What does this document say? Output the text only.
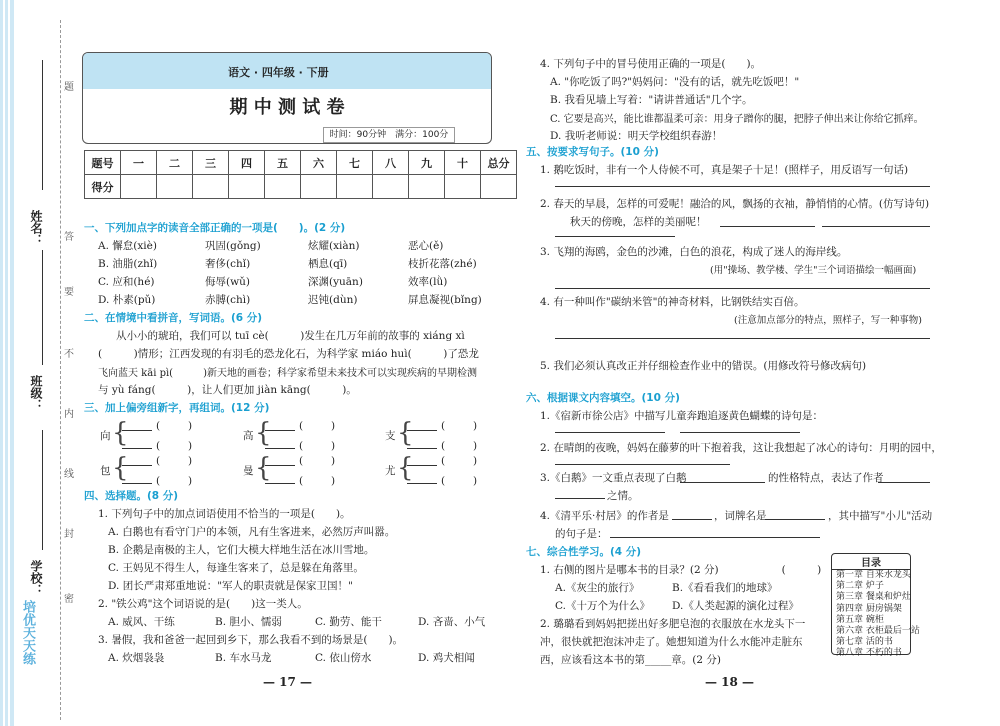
培优天天练
姓名：
班级：
学校：
题
答
要
不
内
线
封
密
语文 · 四年级 · 下册
期 中 测 试 卷
时间：90分钟　满分：100分
题号	一	二	三	四	五	六	七	八	九	十	总分
得分											
一、下列加点字的读音全部正确的一项是(　　)。(2 分)
A. 懈怠(xiè)	巩固(gǒng)	炫耀(xiàn)	恶心(ě)
B. 油脂(zhǐ)	奢侈(chǐ)	栖息(qī)	枝折花落(zhé)
C. 应和(hé)	侮辱(wǔ)	深渊(yuān)	效率(lǜ)
D. 朴素(pǔ)	赤膊(chì)	迟钝(dùn)	屏息凝视(bǐng)
二、在情境中看拼音，写词语。(6 分)
从小小的琥珀，我们可以 tuī cè(　　　)发生在几万年前的故事的 xiáng xì
(　　　)情形；江西发现的有羽毛的恐龙化石，为科学家 miáo huì(　　　)了恐龙
飞向蓝天 kāi pì(　　　)新天地的画卷；科学家希望未来技术可以实现疾病的早期检测
与 yù fáng(　　　)，让人们更加 jiàn kāng(　　　)。
三、加上偏旁组新字，再组词。(12 分)
向 {	(	)
(	)
高 {	(	)
(	)
支 {	(	)
(	)
包 {	(	)
(	)
曼 {	(	)
(	)
尤 {	(	)
(	)
四、选择题。(8 分)
1. 下列句子中的加点词语使用不恰当的一项是(　　)。
A. 白鹅也有看守门户的本领，凡有生客进来，必然厉声叫嚣。
B. 企鹅是南极的主人，它们大模大样地生活在冰川雪地。
C. 王妈见不得生人，每逢生客来了，总是躲在角落里。
D. 团长严肃郑重地说："军人的职责就是保家卫国！"
2. "铁公鸡"这个词语说的是(　　)这一类人。
A. 威风、干练	B. 胆小、懦弱	C. 勤劳、能干	D. 吝啬、小气
3. 暑假，我和爸爸一起回到乡下，那么我看不到的场景是(　　)。
A. 炊烟袅袅	B. 车水马龙	C. 依山傍水	D. 鸡犬相闻
— 17 —
4. 下列句子中的冒号使用正确的一项是(　　)。
A. "你吃饭了吗?"妈妈问："没有的话，就先吃饭吧！"
B. 我看见墙上写着："请讲普通话"几个字。
C. 它要是高兴，能比谁都温柔可亲：用身子蹭你的腿，把脖子伸出来让你给它抓痒。
D. 我听老师说：明天学校组织春游！
五、按要求写句子。(10 分)
1. 鹅吃饭时，非有一个人侍候不可，真是架子十足！(照样子，用反语写一句话)
2. 春天的早晨，怎样的可爱呢！融洽的风，飘扬的衣袖，静悄悄的心情。(仿写诗句)
秋天的傍晚，怎样的美丽呢！
3. 飞翔的海鸥，金色的沙滩，白色的浪花，构成了迷人的海岸线。
(用"操场、教学楼、学生"三个词语描绘一幅画面)
4. 有一种叫作"碳纳米管"的神奇材料，比钢铁结实百倍。
(注意加点部分的特点，照样子，写一种事物)
5. 我们必须认真改正并仔细检查作业中的错误。(用修改符号修改病句)
六、根据课文内容填空。(10 分)
1.《宿新市徐公店》中描写儿童奔跑追逐黄色蝴蝶的诗句是：
2. 在晴朗的夜晚，妈妈在藤萝的叶下抱着我，这让我想起了冰心的诗句：月明的园中，
3.《白鹅》一文重点表现了白鹅	的性格特点，表达了作者
之情。
4.《清平乐·村居》的作者是	，词牌名是	，其中描写"小儿"活动
的句子是：
七、综合性学习。(4 分)
1. 右侧的图片是哪本书的目录？(2 分)　　　　　　(　　　)
A.《灰尘的旅行》	B.《看看我们的地球》
C.《十万个为什么》 D.《人类起源的演化过程》
2. 璐璐看到妈妈把搓出好多肥皂泡的衣服放在水龙头下一
冲，很快就把泡沫冲走了。她想知道为什么水能冲走脏东
西，应该看这本书的第_____章。(2 分)
目录
第一章 自来水龙头
第二章 炉子
第三章 餐桌和炉灶
第四章 厨房锅架
第五章 碗柜
第六章 衣柜最后一站
第七章 活的书
第八章 不朽的书
— 18 —
